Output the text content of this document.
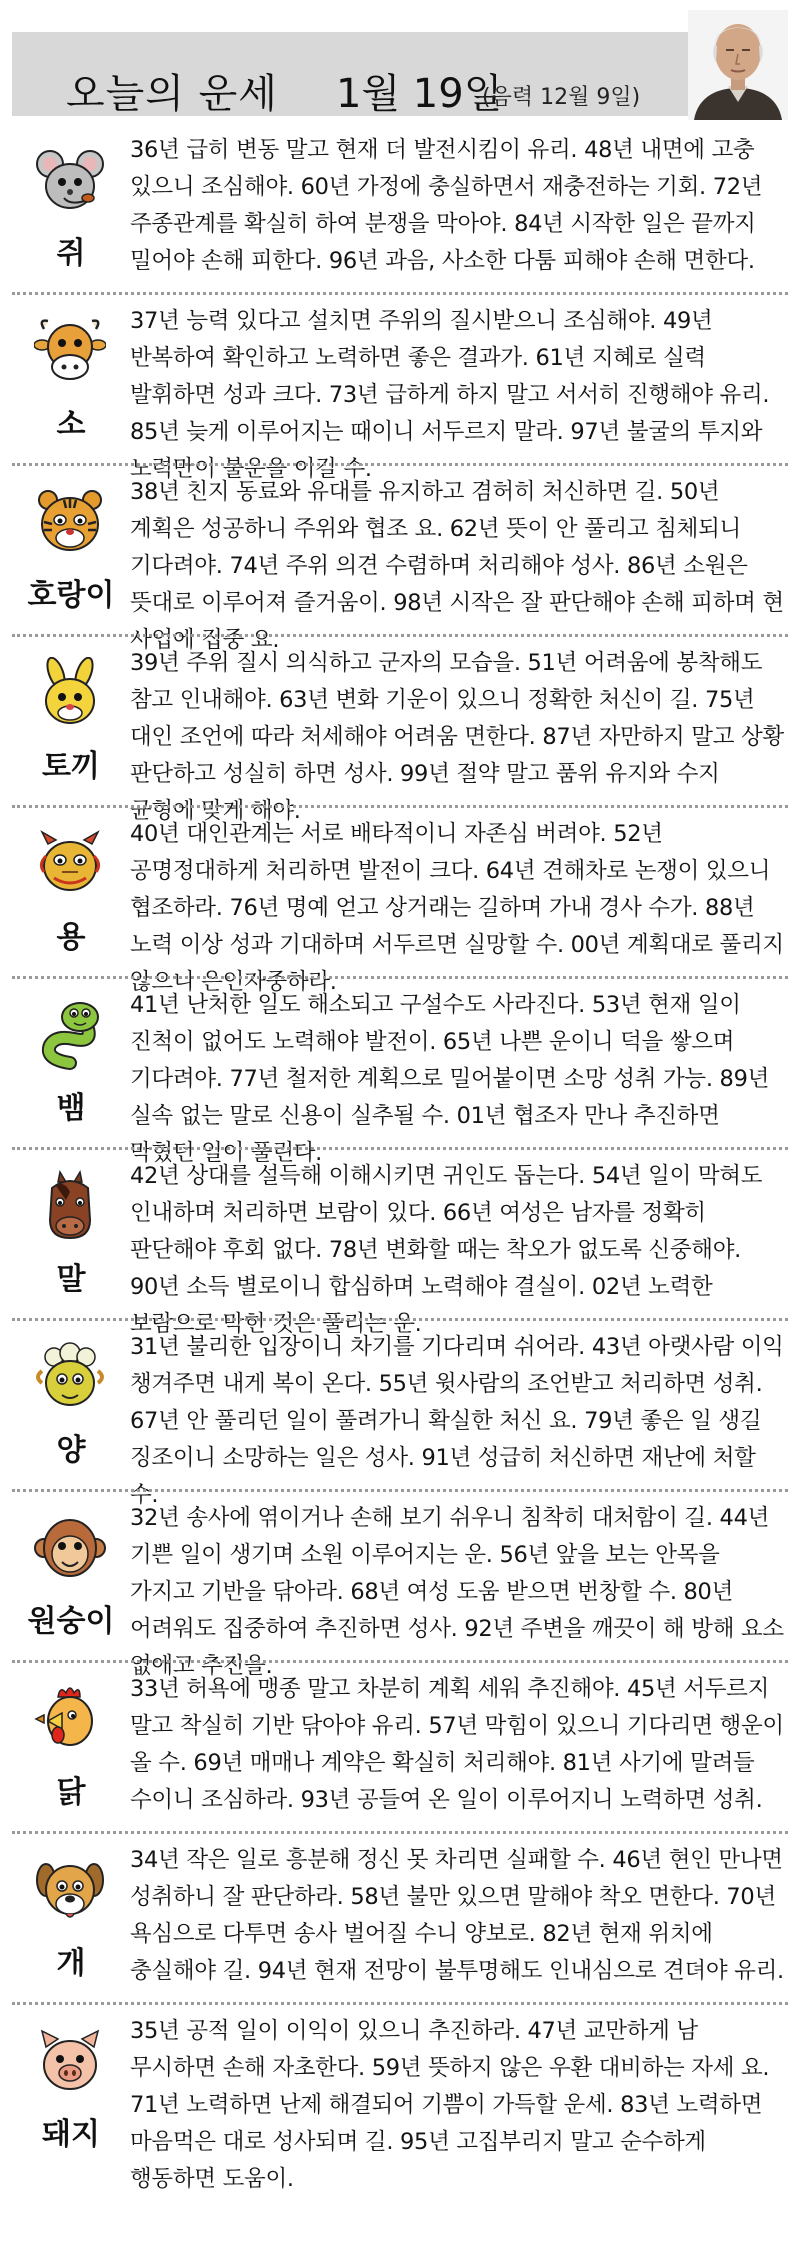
오늘의 운세 1월 19일
(음력 12월 9일)
쥐
36년 급히 변동 말고 현재 더 발전시킴이 유리. 48년 내면에 고충 있으니 조심해야. 60년 가정에 충실하면서 재충전하는 기회. 72년 주종관계를 확실히 하여 분쟁을 막아야. 84년 시작한 일은 끝까지 밀어야 손해 피한다. 96년 과음, 사소한 다툼 피해야 손해 면한다.
소
37년 능력 있다고 설치면 주위의 질시받으니 조심해야. 49년 반복하여 확인하고 노력하면 좋은 결과가. 61년 지혜로 실력 발휘하면 성과 크다. 73년 급하게 하지 말고 서서히 진행해야 유리. 85년 늦게 이루어지는 때이니 서두르지 말라. 97년 불굴의 투지와 노력만이 불운을 이길 수.
호랑이
38년 친지 동료와 유대를 유지하고 겸허히 처신하면 길. 50년 계획은 성공하니 주위와 협조 요. 62년 뜻이 안 풀리고 침체되니 기다려야. 74년 주위 의견 수렴하며 처리해야 성사. 86년 소원은 뜻대로 이루어져 즐거움이. 98년 시작은 잘 판단해야 손해 피하며 현 사업에 집중 요.
토끼
39년 주위 질시 의식하고 군자의 모습을. 51년 어려움에 봉착해도 참고 인내해야. 63년 변화 기운이 있으니 정확한 처신이 길. 75년 대인 조언에 따라 처세해야 어려움 면한다. 87년 자만하지 말고 상황 판단하고 성실히 하면 성사. 99년 절약 말고 품위 유지와 수지 균형에 맞게 해야.
용
40년 대인관계는 서로 배타적이니 자존심 버려야. 52년 공명정대하게 처리하면 발전이 크다. 64년 견해차로 논쟁이 있으니 협조하라. 76년 명예 얻고 상거래는 길하며 가내 경사 수가. 88년 노력 이상 성과 기대하며 서두르면 실망할 수. 00년 계획대로 풀리지 않으니 은인자중하라.
뱀
41년 난처한 일도 해소되고 구설수도 사라진다. 53년 현재 일이 진척이 없어도 노력해야 발전이. 65년 나쁜 운이니 덕을 쌓으며 기다려야. 77년 철저한 계획으로 밀어붙이면 소망 성취 가능. 89년 실속 없는 말로 신용이 실추될 수. 01년 협조자 만나 추진하면 막혔던 일이 풀린다.
말
42년 상대를 설득해 이해시키면 귀인도 돕는다. 54년 일이 막혀도 인내하며 처리하면 보람이 있다. 66년 여성은 남자를 정확히 판단해야 후회 없다. 78년 변화할 때는 착오가 없도록 신중해야. 90년 소득 별로이니 합심하며 노력해야 결실이. 02년 노력한 보람으로 막힌 것은 풀리는 운.
양
31년 불리한 입장이니 차기를 기다리며 쉬어라. 43년 아랫사람 이익 챙겨주면 내게 복이 온다. 55년 윗사람의 조언받고 처리하면 성취. 67년 안 풀리던 일이 풀려가니 확실한 처신 요. 79년 좋은 일 생길 징조이니 소망하는 일은 성사. 91년 성급히 처신하면 재난에 처할 수.
원숭이
32년 송사에 엮이거나 손해 보기 쉬우니 침착히 대처함이 길. 44년 기쁜 일이 생기며 소원 이루어지는 운. 56년 앞을 보는 안목을 가지고 기반을 닦아라. 68년 여성 도움 받으면 번창할 수. 80년 어려워도 집중하여 추진하면 성사. 92년 주변을 깨끗이 해 방해 요소 없애고 추진을.
닭
33년 허욕에 맹종 말고 차분히 계획 세워 추진해야. 45년 서두르지 말고 착실히 기반 닦아야 유리. 57년 막힘이 있으니 기다리면 행운이 올 수. 69년 매매나 계약은 확실히 처리해야. 81년 사기에 말려들 수이니 조심하라. 93년 공들여 온 일이 이루어지니 노력하면 성취.
개
34년 작은 일로 흥분해 정신 못 차리면 실패할 수. 46년 현인 만나면 성취하니 잘 판단하라. 58년 불만 있으면 말해야 착오 면한다. 70년 욕심으로 다투면 송사 벌어질 수니 양보로. 82년 현재 위치에 충실해야 길. 94년 현재 전망이 불투명해도 인내심으로 견뎌야 유리.
돼지
35년 공적 일이 이익이 있으니 추진하라. 47년 교만하게 남 무시하면 손해 자초한다. 59년 뜻하지 않은 우환 대비하는 자세 요. 71년 노력하면 난제 해결되어 기쁨이 가득할 운세. 83년 노력하면 마음먹은 대로 성사되며 길. 95년 고집부리지 말고 순수하게 행동하면 도움이.
